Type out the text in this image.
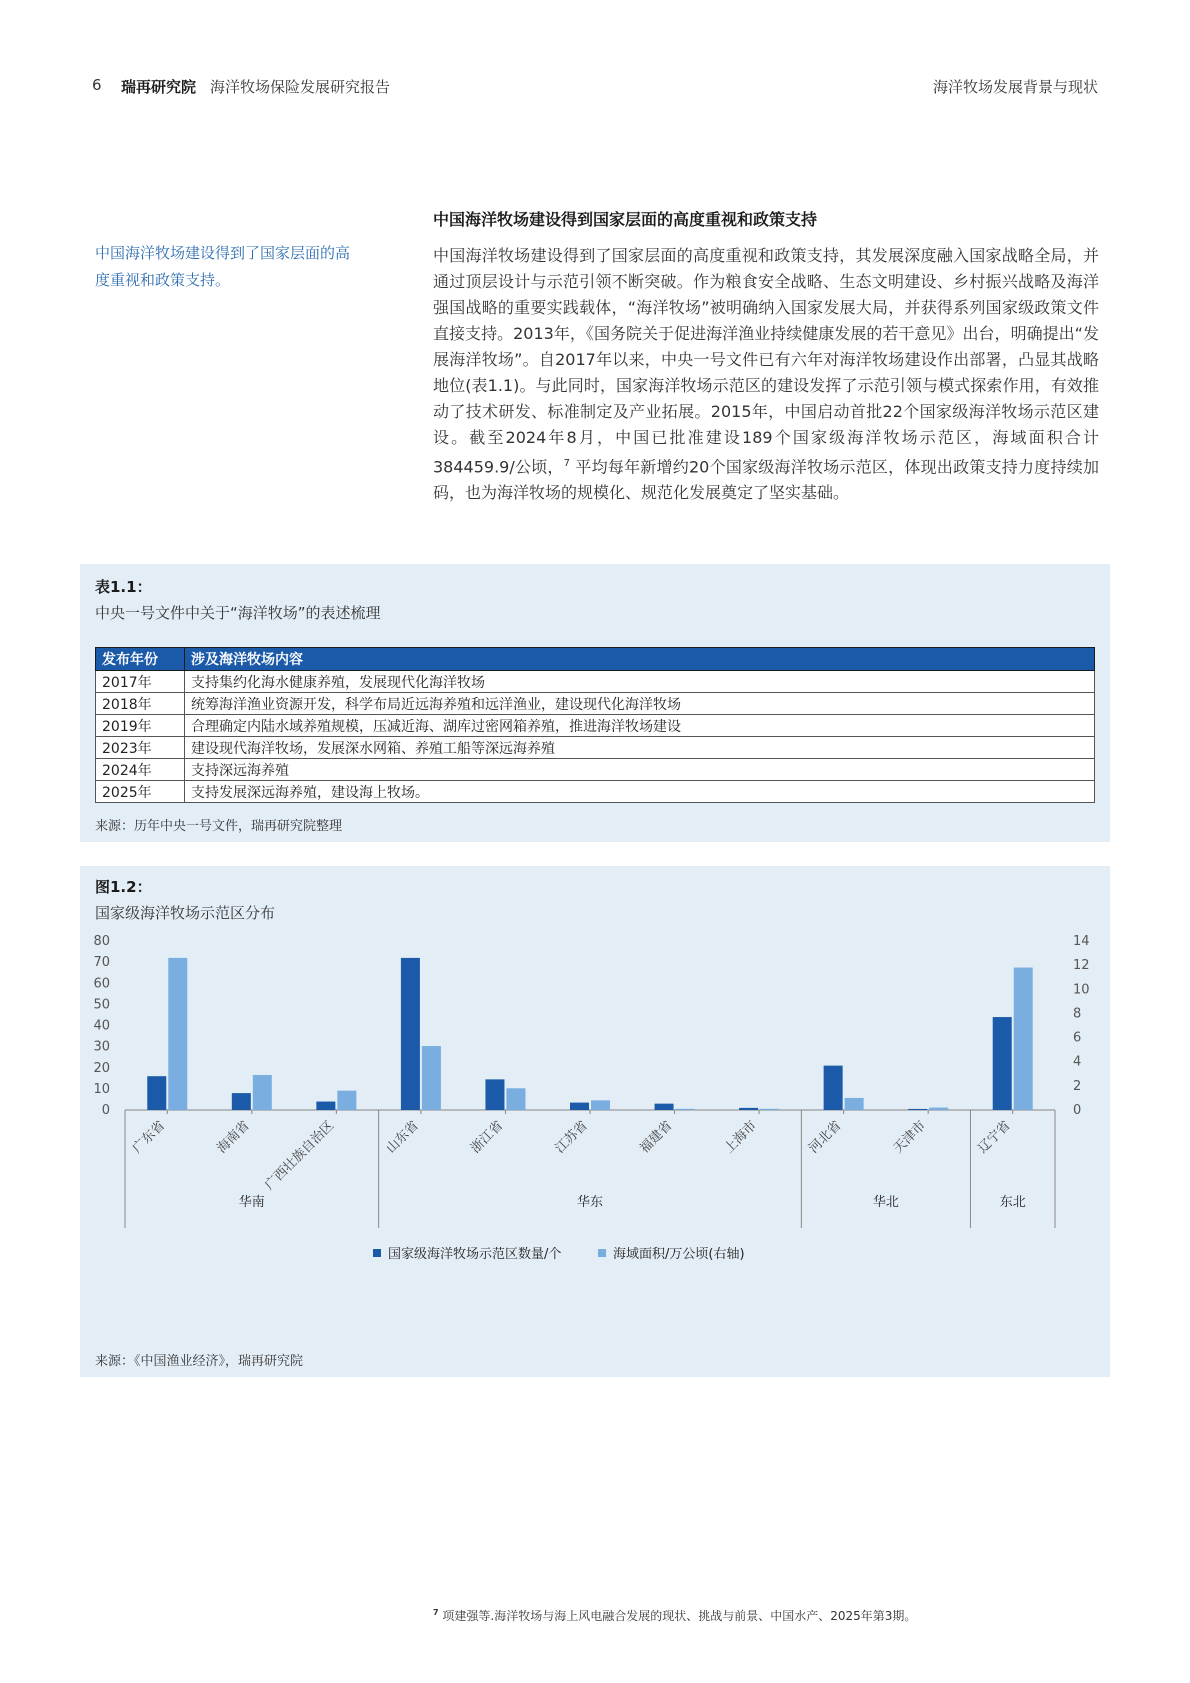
6 瑞再研究院 海洋牧场保险发展研究报告	海洋牧场发展背景与现状
中国海洋牧场建设得到了国家层面的高度重视和政策支持。
中国海洋牧场建设得到国家层面的高度重视和政策支持
中国海洋牧场建设得到了国家层面的高度重视和政策支持，其发展深度融入国家战略全局，并通过顶层设计与示范引领不断突破。作为粮食安全战略、生态文明建设、乡村振兴战略及海洋强国战略的重要实践载体，“海洋牧场”被明确纳入国家发展大局，并获得系列国家级政策文件直接支持。2013年，《国务院关于促进海洋渔业持续健康发展的若干意见》出台，明确提出“发展海洋牧场”。自2017年以来，中央一号文件已有六年对海洋牧场建设作出部署，凸显其战略地位(表1.1)。与此同时，国家海洋牧场示范区的建设发挥了示范引领与模式探索作用，有效推动了技术研发、标准制定及产业拓展。2015年，中国启动首批22个国家级海洋牧场示范区建设。截至2024年8月，中国已批准建设189个国家级海洋牧场示范区，海域面积合计384459.9/公顷，$^7$ 平均每年新增约20个国家级海洋牧场示范区，体现出政策支持力度持续加码，也为海洋牧场的规模化、规范化发展奠定了坚实基础。
表1.1：
中央一号文件中关于“海洋牧场”的表述梳理
发布年份	涉及海洋牧场内容
2017年	支持集约化海水健康养殖，发展现代化海洋牧场
2018年	统筹海洋渔业资源开发，科学布局近远海养殖和远洋渔业，建设现代化海洋牧场
2019年	合理确定内陆水域养殖规模，压减近海、湖库过密网箱养殖，推进海洋牧场建设
2023年	建设现代海洋牧场，发展深水网箱、养殖工船等深远海养殖
2024年	支持深远海养殖
2025年	支持发展深远海养殖，建设海上牧场。
来源：历年中央一号文件，瑞再研究院整理
图1.2：
国家级海洋牧场示范区分布
0
10
20
30
40
50
60
70
80
0
2
4
6
8
10
12
14
广东省	海南省 广西壮族自治区	山东省	浙江省	江苏省	福建省	上海市	河北省	天津市	辽宁省
华南	华东	华北	东北
国家级海洋牧场示范区数量/个	海域面积/万公顷(右轴)
来源：《中国渔业经济》，瑞再研究院
$^7$ 项建强等.海洋牧场与海上风电融合发展的现状、挑战与前景、中国水产、2025年第3期。
